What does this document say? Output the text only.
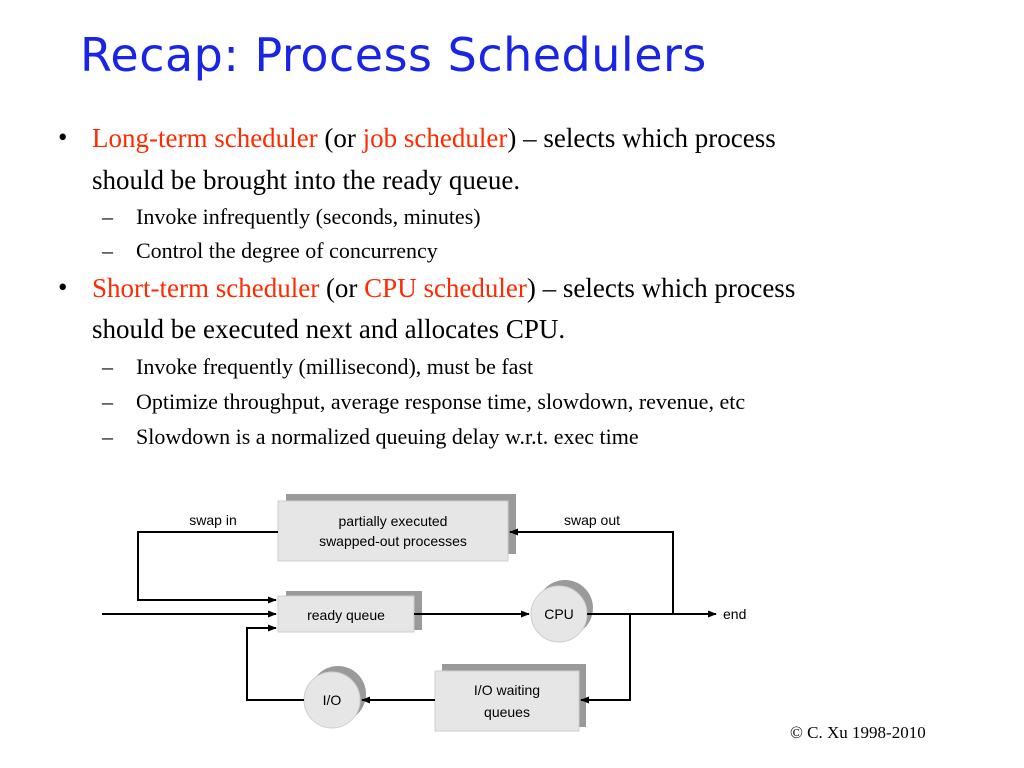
Recap: Process Schedulers
• Long-term scheduler (or job scheduler) – selects which process
should be brought into the ready queue.
– Invoke infrequently (seconds, minutes)
– Control the degree of concurrency
• Short-term scheduler (or CPU scheduler) – selects which process
should be executed next and allocates CPU.
– Invoke frequently (millisecond), must be fast
– Optimize throughput, average response time, slowdown, revenue, etc
– Slowdown is a normalized queuing delay w.r.t. exec time
partially executed
swapped-out processes
ready queue	CPU
I/O waiting
queues
I/O
swap in	swap out
end
© C. Xu 1998-2010
